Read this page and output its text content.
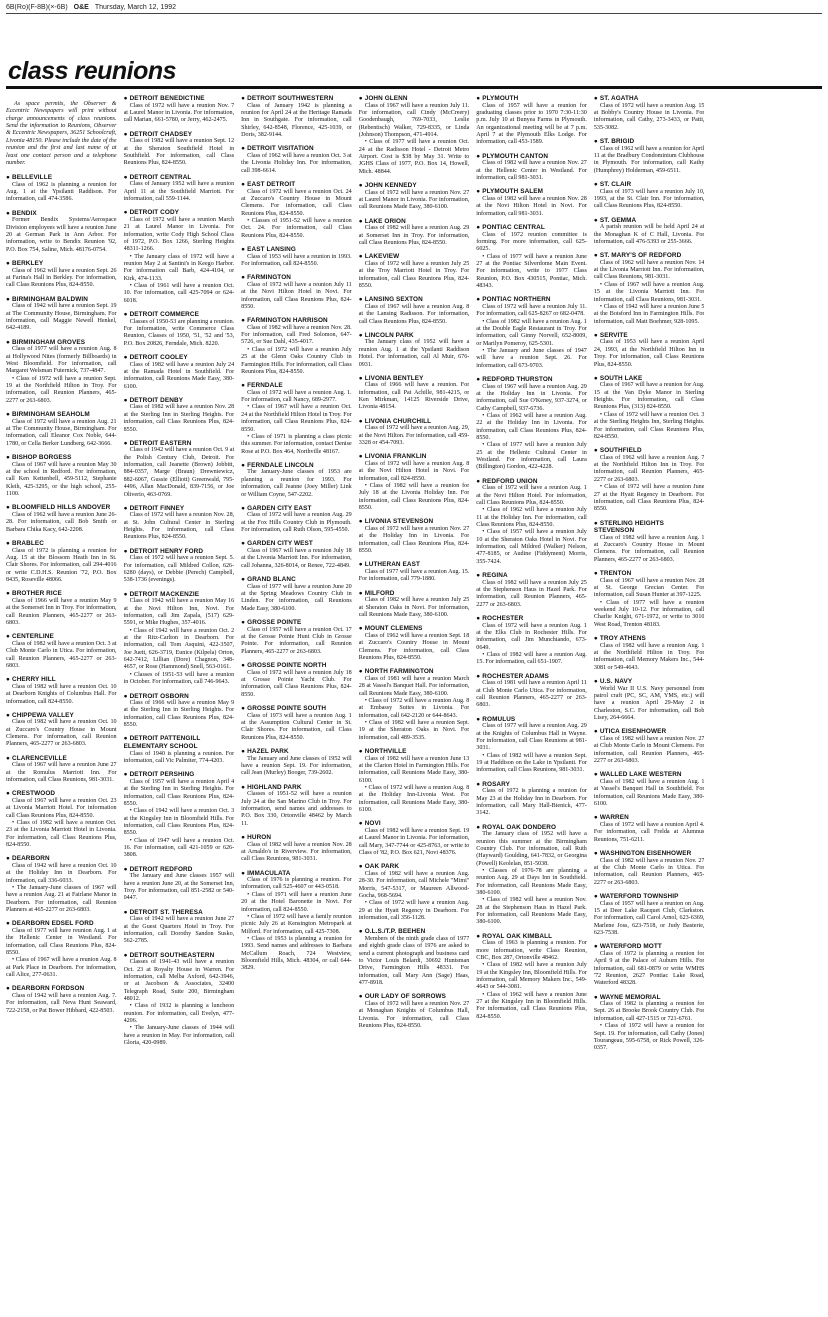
6B(Ro)(F-8B)(×-6B) O&E Thursday, March 12, 1992
class reunions

As space permits, the Observer & Eccentric Newspapers will print without charge announcements of class reunions. Send the information to Reunions, Observer & Eccentric Newspapers, 36251 Schoolcraft, Livonia 48150. Please include the date of the reunion and the first and last name of at least one contact person and a telephone number.

● BELLEVILLE

Class of 1962 is planning a reunion for Aug. 1 at the Ypsilanti Raddison. For information, call 474-3586.

● BENDIX

Former Bendix Systems/Aerospace Division employees will have a reunion June 20 at German Park in Ann Arbor. For information, write to Bendix Reunion '92, P.O. Box 754, Saline, Mich. 48176-0754.

● BERKLEY

Class of 1962 will have a reunion Sept. 26 at Farina's Hall in Berkley. For information, call Class Reunions Plus, 824-8550.

● BIRMINGHAM BALDWIN

Class of 1942 will have a reunion Sept. 19 at The Community House, Birmingham. For information, call Maggie Newell Henkel, 642-4189.

● BIRMINGHAM GROVES

Class of 1977 will have a reunion Aug. 8 at Hollywood Nites (formerly Billboards) in West Bloomfield. For information, call Margaret Welsman Futernick, 737-4847.

• Class of 1972 will have a reunion Sept. 19 at the Northfield Hilton in Troy. For information, call Reunion Planners, 465-2277 or 263-6803.

● BIRMINGHAM SEAHOLM

Class of 1972 will have a reunion Aug. 21 at The Community House, Birmingham. For information, call Eleanor Cox Noble, 644-1780, or Cella Berker Lundberg, 642-3666.

● BISHOP BORGESS

Class of 1967 will have a reunion May 30 at the school in Redford. For information, call Ken Kettenbell, 459-5112, Stephanie Kleih, 425-3295, or the high school, 255-1100.

● BLOOMFIELD HILLS ANDOVER

Class of 1962 will have a reunion June 26-28. For information, call Bob Smith or Barbara Chika Kacy, 642-2208.

● BRABLEC

Class of 1972 is planning a reunion for Aug. 15 at the Blossom Heath Inn in St. Clair Shores. For information, call 294-4016 or write C.D.H.S. Reunion '72, P.O. Box 8435, Roseville 48066.

● BROTHER RICE

Class of 1966 will have a reunion May 9 at the Somerset Inn in Troy. For information, call Reunion Planners, 465-2277 or 263-6803.

● CENTERLINE

Class of 1982 will have a reunion Oct. 3 at Club Monte Carlo in Utica. For information, call Reunion Planners, 465-2277 or 263-6803.

● CHERRY HILL

Class of 1982 will have a reunion Oct. 10 at Dearborn Knights of Columbus Hall. For information, call 824-8550.

● CHIPPEWA VALLEY

Class of 1982 will have a reunion Oct. 10 at Zuccaro's Country House in Mount Clemens. For information, call Reunion Planners, 465-2277 or 263-6803.

● CLARENCEVILLE

Class of 1967 will have a reunion June 27 at the Romulus Marriott Inn. For information, call Class Reunions, 981-3031.

● CRESTWOOD

Class of 1967 will have a reunion Oct. 23 at Livonia Marriott Hotel. For information call Class Reunions Plus, 824-8550.

• Class of 1982 will have a reunion Oct. 23 at the Livonia Marriott Hotel in Livonia. For information, call Class Reunions Plus, 824-8550.

● DEARBORN

Class of 1942 will have a reunion Oct. 10 at the Holiday Inn in Dearborn. For information, call 336-6033.

• The January-June classes of 1967 will have a reunion Aug. 21 at Fairlane Manor in Dearborn. For information, call Reunion Planners at 465-2277 or 263-6803.

● DEARBORN EDSEL FORD

Class of 1977 will have reunion Aug. 1 at the Hellenic Center in Westland. For information, call Class Reunions Plus, 824-8550.

• Class of 1967 will have a reunion Aug. 8 at Park Place in Dearborn. For information, call Alice, 277-0631.

● DEARBORN FORDSON

Class of 1942 will have a reunion Aug. 7. For information, call Neva Hunt Seaward, 722-2158, or Pat Bower Hibbard, 422-8503.

● DETROIT BENEDICTINE

Class of 1972 will have a reunion Nov. 7 at Laurel Manor in Livonia. For information, call Marian, 661-5780, or Jerry, 462-2475.

● DETROIT CHADSEY

Class of 1982 will have a reunion Sept. 12 at the Sheraton Southfield Hotel in Southfield. For information, call Class Reunions Plus, 824-8550.

● DETROIT CENTRAL

Class of January 1952 will have a reunion April 11 at the Southfield Marriott. For information, call 559-1144.

● DETROIT CODY

Class of 1972 will have a reunion March 21 at Laurel Manor in Livonia. For information, write Cody High School Class of 1972, P.O. Box 1266, Sterling Heights 48311-1266.

• The January class of 1972 will have a reunion May 2 at Santini's in Keego Harbor. For information call Barb, 424-4104, or Kirk, 474-1133.

• Class of 1961 will have a reunion Oct. 10. For information, call 425-7094 or 624-6018.

● DETROIT COMMERCE

Classes of 1950-53 are planning a reunion. For information, write Commerce Class Reunion, Classes of 1950, '51, '52 and '53, P.O. Box 20826, Ferndale, Mich. 8220.

● DETROIT COOLEY

Class of 1982 will have a reunion July 24 at the Ramada Hotel in Southfield. For information, call Reunions Made Easy, 380-6100.

● DETROIT DENBY

Class of 1982 will have a reunion Nov. 28 at the Sterling Inn in Sterling Heights. For information, call Class Reunions Plus, 824-8550.

● DETROIT EASTERN

Class of 1942 will have a reunion Oct. 9 at the Polish Century Club, Detroit. For information, call Jeanette (Brown) Jobbitt, 884-0357, Marge (Braun) Drewniewicz, 882-6067, Gussie (Elliott) Greenwald, 795-4496, Allan MacDonald, 839-7156, or Joe Oliverio, 463-0769.

● DETROIT FINNEY

Class of 1972 will have a reunion Nov. 28, at St. John Cultural Center in Sterling Heights. For information, call Class Reunions Plus, 824-8550.

● DETROIT HENRY FORD

Class of 1972 will have a reunion Sept. 5. For information, call Mildred Collon, 626-6280 (days), or Debbie (Perech) Campbell, 538-1736 (evenings).

● DETROIT MACKENZIE

Class of 1942 will have a reunion May 16 at the Novi Hilton Inn, Novi. For information, call Jim Zapala, (517) 629-5591, or Mike Hughes, 357-4016.

• Class of 1942 will have a reunion Oct. 2 at the Ritz-Carlton in Dearborn. For information, call Tom Asquini, 422-3507, Joe Juett, 626-3719, Eunice (Kilpela) Orton, 642-7412, Lillian (Dore) Chagnon, 348-4657, or Rose (Hammond) Snell, 563-0161.

• Classes of 1951-53 will have a reunion in October. For information, call 746-9643.

● DETROIT OSBORN

Class of 1966 will have a reunion May 9 at the Sterling Inn in Sterling Heights. For information, call Class Reunions Plus, 824-8550.

● DETROIT PATTENGILL ELEMENTARY SCHOOL

Class of 1940 is planning a reunion. For information, call Vic Palmiter, 774-4203.

● DETROIT PERSHING

Class of 1957 will have a reunion April 4 at the Sterling Inn in Sterling Heights. For information, call Class Reunions Plus, 824-8550.

• Class of 1942 will have a reunion Oct. 3 at the Kingsley Inn in Bloomfield Hills. For information, call Class Reunions Plus, 824-8550.

• Class of 1947 will have a reunion Oct. 16. For information, call 421-1059 or 626-3808.

● DETROIT REDFORD

The January and June classes 1957 will have a reunion June 20, at the Somerset Inn, Troy. For information, call 851-2582 or 540-0447.

● DETROIT ST. THERESA

Class of 1942 will have a reunion June 27 at the Guest Quarters Hotel in Troy. For information, call Dorothy Sandon Susko, 562-2785.

● DETROIT SOUTHEASTERN

Classes of 1941-43 will have a reunion Oct. 23 at Royalty House in Warren. For information, call Melba Axford, 642-3946, or at Jacobson & Associates, 32400 Telegraph Road, Suite 200, Birmingham 48012.

• Class of 1932 is planning a luncheon reunion. For information, call Evelyn, 477-4206.

• The January-June classes of 1944 will have a reunion in May. For information, call Gloria, 420-0989.

● DETROIT SOUTHWESTERN

Class of January 1942 is planning a reunion for April 24 at the Heritage Ramada Inn in Southgate. For information, call Shirley, 642-8548, Florence, 425-1039, or Doris, 382-9144.

● DETROIT VISITATION

Class of 1962 will have a reunion Oct. 3 at the Livonia Holiday Inn. For information, call 398-6614.

● EAST DETROIT

Class of 1972 will have a reunion Oct. 24 at Zuccaro's Country House in Mount Clemens. For information, call Class Reunions Plus, 824-8550.

• Classes of 1951-52 will have a reunion Oct. 24. For information, call Class Reunions Plus, 824-8550.

● EAST LANSING

Class of 1953 will have a reunion in 1993. For information, call 824-8550.

● FARMINGTON

Class of 1972 will have a reunion July 11 at the Novi Hilton Hotel in Novi. For information, call Class Reunions Plus, 824-8550.

● FARMINGTON HARRISON

Class of 1982 will have a reunion Nov. 28. For information, call Fred Solomon, 647-5726, or Sue Dahl, 435-4017.

• Class of 1972 will have a reunion July 25 at the Glenn Oaks Country Club in Farmington Hills. For information, call Class Reunions Plus, 824-8550.

● FERNDALE

Class of 1972 will have a reunion Aug. 1. For information, call Nancy, 689-2977.

• Class of 1967 will have a reunion Oct. 24 at the Northfield Hilton Hotel in Troy. For information, call Class Reunions Plus, 824-8550.

• Class of 1971 is planning a class picnic this summer. For information, contact Denise Rose at P.O. Box 464, Northville 48167.

● FERNDALE LINCOLN

The January-June classes of 1953 are planning a reunion for 1993. For information, call Jeanne (Joey Miller) Link or William Coyne, 547-2202.

● GARDEN CITY EAST

Class of 1972 will have a reunion Aug. 29 at the Fox Hills Country Club in Plymouth. For information, call Ruth Olson, 595-4550.

● GARDEN CITY WEST

Class of 1967 will have a reunion July 18 at the Livonia Marriott Inn. For information, call Johanna, 326-8014, or Renee, 722-4849.

● GRAND BLANC

Class of 1977 will have a reunion June 20 at the Spring Meadows Country Club in Linden. For information, call Reunions Made Easy, 380-6100.

● GROSSE POINTE

Class of 1957 will have a reunion Oct. 17 at the Grosse Pointe Hunt Club in Grosse Pointe. For information, call Reunion Planners, 465-2277 or 263-6803.

● GROSSE POINTE NORTH

Class of 1972 will have a reunion July 18 at Grosse Pointe Yacht Club. For information, call Class Reunions Plus, 824-8550.

● GROSSE POINTE SOUTH

Class of 1973 will have a reunion Aug. 1 at the Assumption Cultural Center in St. Clair Shores. For information, call Class Reunions Plus, 824-8550.

● HAZEL PARK

The January and June classes of 1952 will have a reunion Sept. 19. For information, call Jean (Murley) Booger, 739-2602.

● HIGHLAND PARK

Classes of 1951-52 will have a reunion July 24 at the San Marino Club in Troy. For information, send names and addresses to P.O. Box 330, Ortonville 48462 by March 11.

● HURON

Class of 1982 will have a reunion Nov. 28 at Arnaldo's in Riverview. For information, call Class Reunions, 981-3031.

● IMMACULATA

Class of 1976 is planning a reunion. For information, call 525-4607 or 443-0518.

• Class of 1971 will have a reunion June 20 at the Hotel Baronette in Novi. For information, call 824-8550.

• Class of 1972 will have a family reunion picnic July 26 at Kensington Metropark at Milford. For information, call 425-7308.

• Class of 1953 is planning a reunion for 1993. Send names and addresses to Barbara McCallum Roach, 724 Westview, Bloomfield Hills, Mich. 48304, or call 644-3829.

● JOHN GLENN

Class of 1967 will have a reunion July 11. For information, call Cindy (McCreery) Goodenbaugh, 769-7033, Leslie (Rebentisch) Walker, 729-8335, or Linda (Johnson) Thompson, 471-4914.

• Class of 1977 will have a reunion Oct. 24 at the Radisson Hotel - Detroit Metro Airport. Cost is $38 by May 31. Write to JGHS Class of 1977, P.O. Box 14, Howell, Mich. 48844.

● JOHN KENNEDY

Class of 1972 will have a reunion Nov. 27 at Laurel Manor in Livonia. For information, call Reunions Made Easy, 380-6100.

● LAKE ORION

Class of 1982 will have a reunion Aug. 29 at Somerset Inn in Troy. For information, call Class Reunions Plus, 824-8550.

● LAKEVIEW

Class of 1972 will have a reunion July 25 at the Troy Marriott Hotel in Troy. For information, call Class Reunions Plus, 824-8550.

● LANSING SEXTON

Class of 1967 will have a reunion Aug. 8 at the Lansing Radisson. For information, call Class Reunions Plus, 824-8550.

● LINCOLN PARK

The January class of 1952 will have a reunion Aug. 1 at the Ypsilanti Raddison Hotel. For information, call Al Muir, 676-0931.

● LIVONIA BENTLEY

Class of 1966 will have a reunion. For information, call Pat Achille, 981-4215, or Ken Mirkman, 14125 Riverside Drive, Livonia 48154.

● LIVONIA CHURCHILL

Class of 1972 will have a reunion Aug. 29, at the Novi Hilton. For information, call 459-3328 or 454-7093.

● LIVONIA FRANKLIN

Class of 1972 will have a reunion Aug. 8 at the Novi Hilton Hotel in Novi. For information, call 824-8550.

• Class of 1982 will have a reunion for July 18 at the Livonia Holiday Inn. For information, call Class Reunions Plus, 824-8550.

● LIVONIA STEVENSON

Class of 1972 will have a reunion Nov. 27 at the Holiday Inn in Livonia. For information, call Class Reunions Plus, 824-8550.

● LUTHERAN EAST

Class of 1977 will have a reunion Aug. 15. For information, call 779-1880.

● MILFORD

Class of 1982 will have a reunion July 25 at Sheraton Oaks in Novi. For information, call Reunions Made Easy, 380-6100.

● MOUNT CLEMENS

Class of 1962 will have a reunion Sept. 18 at Zuccaro's Country House in Mount Clemens. For information, call Class Reunions Plus, 824-8550.

● NORTH FARMINGTON

Class of 1981 will have a reunion March 28 at Vassel's Banquet Hall. For information, call Reunions Made Easy, 380-6100.

• Class of 1972 will have a reunion Aug. 8 at Embassy Suites in Livonia. For information, call 642-2120 or 644-8643.

• Class of 1982 will have a reunion Sept. 19 at the Sheraton Oaks in Novi. For information, call 489-3535.

● NORTHVILLE

Class of 1982 will have a reunion June 13 at the Clarion Hotel in Farmington Hills. For information, call Reunions Made Easy, 380-6100.

• Class of 1972 will have a reunion Aug. 8 at the Holiday Inn-Livonia West. For information, call Reunions Made Easy, 380-6100.

● NOVI

Class of 1982 will have a reunion Sept. 19 at Laurel Manor in Livonia. For information, call Mary, 347-7744 or 425-8763, or write to Class of '82, P.O. Box 621, Novi 48376.

● OAK PARK

Class of 1982 will have a reunion Aug. 28-30. For information, call Michele "Mimi" Morris, 547-5317, or Maureen Allwood-Gocha, 968-5694.

• Class of 1972 will have a reunion Aug. 29 at the Hyatt Regency in Dearborn. For information, call 356-1128.

● O.L.S./T.P. BEEHEN

Members of the ninth grade class of 1977 and eighth grade class of 1976 are asked to send a current photograph and business card to Victor Louis Belardi, 30692 Huntsman Drive, Farmington Hills 48331. For information, call Mary Ann (Sage) Haas, 477-8918.

● OUR LADY OF SORROWS

Class of 1972 will have a reunion Nov. 27 at Monaghan Knights of Columbus Hall, Livonia. For information, call Class Reunions Plus, 824-8550.

● PLYMOUTH

Class of 1957 will have a reunion for graduating classes prior to 1970 7:30-11:30 p.m. July 10 at Bunyea Farms in Plymouth. An organizational meeting will be at 7 p.m. April 7 at the Plymouth Elks Lodge. For information, call 453-1589.

● PLYMOUTH CANTON

Class of 1982 will have a reunion Nov. 27 at the Hellenic Center in Westland. For information, call 981-3031.

● PLYMOUTH SALEM

Class of 1982 will have a reunion Nov. 28 at the Novi Hilton Hotel in Novi. For information, call 981-3031.

● PONTIAC CENTRAL

Class of 1972 reunion committee is forming. For more information, call 625-6025.

• Class of 1977 will have a reunion June 27 at the Pontiac Silverdome Main Event. For information, write to 1977 Class Reunion, P.O. Box 430515, Pontiac, Mich. 48343.

● PONTIAC NORTHERN

Class of 1972 will have a reunion July 11. For information, call 625-8267 or 682-0478.

• Class of 1982 will have a reunion Aug. 1 at the Double Eagle Restaurant in Troy. For information, call Ginny Norvell, 652-8009, or Marilyn Pomeroy, 625-5301.

• The January and June classes of 1947 will have a reunion Sept. 26. For information, call 673-9703.

● REDFORD THURSTON

Class of 1967 will have a reunion Aug. 29 at the Holiday Inn in Livonia. For information, call Sue O'Keney, 937-3274, or Cathy Campbell, 937-6736.

• Class of 1962 will have a reunion Aug. 22 at the Holiday Inn in Livonia. For information, call Class Reunions Plus, 824-8550.

• Class of 1977 will have a reunion July 25 at the Hellenic Cultural Center in Westland. For information, call Laura (Billington) Gordon, 422-4228.

● REDFORD UNION

Class of 1972 will have a reunion Aug. 1 at the Novi Hilton Hotel. For information, call Class Reunions Plus, 824-8550.

• Class of 1962 will have a reunion July 11 at the Holiday Inn. For information, call Class Reunions Plus, 824-8550.

• Class of 1957 will have a reunion July 10 at the Sheraton Oaks Hotel in Novi. For information, call Mildred (Walker) Nelson, 477-8185, or Audine (Fiddyment) Morris, 355-7424.

● REGINA

Class of 1982 will have a reunion July 25 at the Stephenson Haus in Hazel Park. For information, call Reunion Planners, 465-2277 or 263-6803.

● ROCHESTER

Class of 1972 will have a reunion Aug. 1 at the Elks Club in Rochester Hills. For information, call Jim Munchiando, 673-0649.

• Class of 1982 will have a reunion Aug. 15. For information, call 651-1907.

● ROCHESTER ADAMS

Class of 1981 will have a reunion April 11 at Club Monte Carlo Utica. For information, call Reunion Planners, 465-2277 or 263-6803.

● ROMULUS

Class of 1977 will have a reunion Aug. 29 at the Knights of Columbus Hall in Wayne. For information, call Class Reunions at 981-3031.

• Class of 1982 will have a reunion Sept. 19 at Haddison on the Lake in Ypsilanti. For information, call Class Reunions, 981-3031.

● ROSARY

Class of 1972 is planning a reunion for May 23 at the Holiday Inn in Dearborn. For information, call Mary Hall-Bienick, 477-3142.

● ROYAL OAK DONDERO

The January class of 1952 will have a reunion this summer at the Birmingham Country Club. For information, call Ruth (Hayward) Goulding, 641-7832, or Georgina (Powell) Keolelan, 851-5038.

• Classes of 1976-78 are planning a reunion Aug. 29 at Days Inn in Southfield. For information, call Reunions Made Easy, 380-6100.

• Class of 1982 will have a reunion Nov. 28 at the Stephenson Haus in Hazel Park. For information, call Reunions Made Easy, 380-6100.

● ROYAL OAK KIMBALL

Class of 1963 is planning a reunion. For more information, write Class Reunion, CBC, Box 287, Ortonville 48462.

• Class of 1982 will have a reunion July 19 at the Kingsley Inn, Bloomfield Hills. For information, call Memory Makers Inc., 549-4643 or 544-3081.

• Class of 1962 will have a reunion June 27 at the Kingsley Inn in Bloomfield Hills. For information, call Class Reunions Plus, 824-8550.

● ST. AGATHA

Class of 1972 will have a reunion Aug. 15 at Bobby's Country House in Livonia. For information, call Cathy, 273-3433, or Patti, 535-3082.

● ST. BRIGID

Class of 1962 will have a reunion for April 11 at the Bradbury Condominium Clubhouse in Plymouth. For information, call Kathy (Humphrey) Holderman, 459-6511.

● ST. CLAIR

Class of 1973 will have a reunion July 10, 1993, at the St. Clair Inn. For information, call Class Reunions Plus, 824-8550.

● ST. GEMMA

A parish reunion will be held April 24 at the Monaghan K of C Hall, Livonia. For information, call 476-5393 or 255-3666.

● ST. MARY'S OF REDFORD

Class of 1962 will have a reunion Nov. 14 at the Livonia Marriott Inn. For information, call Class Reunions, 981-3031.

• Class of 1967 will have a reunion Aug. 15 at the Livonia Marriott Inn. For information, call Class Reunions, 981-3031.

• Class of 1942 will have a reunion June 5 at the Botsford Inn in Farmington Hills. For information, call Matt Boehmer, 928-1095.

● SERVITE

Class of 1953 will have a reunion April 24, 1993, at the Northfield Hilton Inn in Troy. For information, call Class Reunions Plus, 824-8550.

● SOUTH LAKE

Class of 1967 will have a reunion for Aug. 15 at the Van Dyke Manor in Sterling Heights. For information, call Class Reunions Plus, (313) 824-8550.

• Class of 1972 will have a reunion Oct. 3 at the Sterling Heights Inn, Sterling Heights. For information, call Class Reunions Plus, 824-8550.

● SOUTHFIELD

Class of 1962 will have a reunion Aug. 7 at the Northfield Hilton Inn in Troy. For information, call Reunion Planners, 465-2277 or 263-6803.

• Class of 1972 will have a reunion June 27 at the Hyatt Regency in Dearborn. For information, call Class Reunions Plus, 824-8550.

● STERLING HEIGHTS STEVENSON

Class of 1982 will have a reunion Aug. 1 at Zuccaro's Country House in Mount Clemens. For information, call Reunion Planners, 465-2277 or 263-6803.

● TRENTON

Class of 1967 will have a reunion Nov. 28 at St. George Grecian Center. For information, call Susan Hunter at 397-1225.

• Class of 1977 will have a reunion weekend July 10-12. For information, call Charlie Knight, 671-1972, or write to 3010 West Road, Trenton 48183.

● TROY ATHENS

Class of 1982 will have a reunion Aug. 1 at the Northfield Hilton in Troy. For information, call Memory Makers Inc., 544-3081 or 549-4643.

● U.S. NAVY

World War II U.S. Navy personnel from patrol craft (PC, SC, AM, YMS, etc.) will have a reunion April 29-May 2 in Charleston, S.C. For information, call Bob Lisey, 264-6664.

● UTICA EISENHOWER

Class of 1982 will have a reunion Nov. 27 at Club Monte Carlo in Mount Clemens. For information, call Reunion Planners, 465-2277 or 263-6803.

● WALLED LAKE WESTERN

Class of 1982 will have a reunion Aug. 1 at Vassel's Banquet Hall in Southfield. For information, call Reunions Made Easy, 380-6100.

● WARREN

Class of 1972 will have a reunion April 4. For information, call Frelda at Alumnus Reunions, 751-6211.

● WASHINGTON EISENHOWER

Class of 1982 will have a reunion Nov. 27 at the Club Monte Carlo in Utica. For information, call Reunion Planners, 465-2277 or 263-6803.

● WATERFORD TOWNSHIP

Class of 1957 will have a reunion on Aug. 15 at Deer Lake Racquet Club, Clarkston. For information, call Carol Arnol, 623-6369, Marlene Joss, 623-7518, or Judy Basterie, 623-7538.

● WATERFORD MOTT

Class of 1972 is planning a reunion for April 9 at the Palace of Auburn Hills. For information, call 681-0879 or write WMHS '72 Reunion, 2627 Pontiac Lake Road, Waterford 48328.

● WAYNE MEMORIAL

Class of 1982 is planning a reunion for Sept. 26 at Brooke Brook Country Club. For information, call 427-1515 or 721-6761.

• Class of 1972 will have a reunion for Sept. 19. For information, call Cathy (Jones) Tourangeau, 595-6758, or Rick Powell, 326-0357.
